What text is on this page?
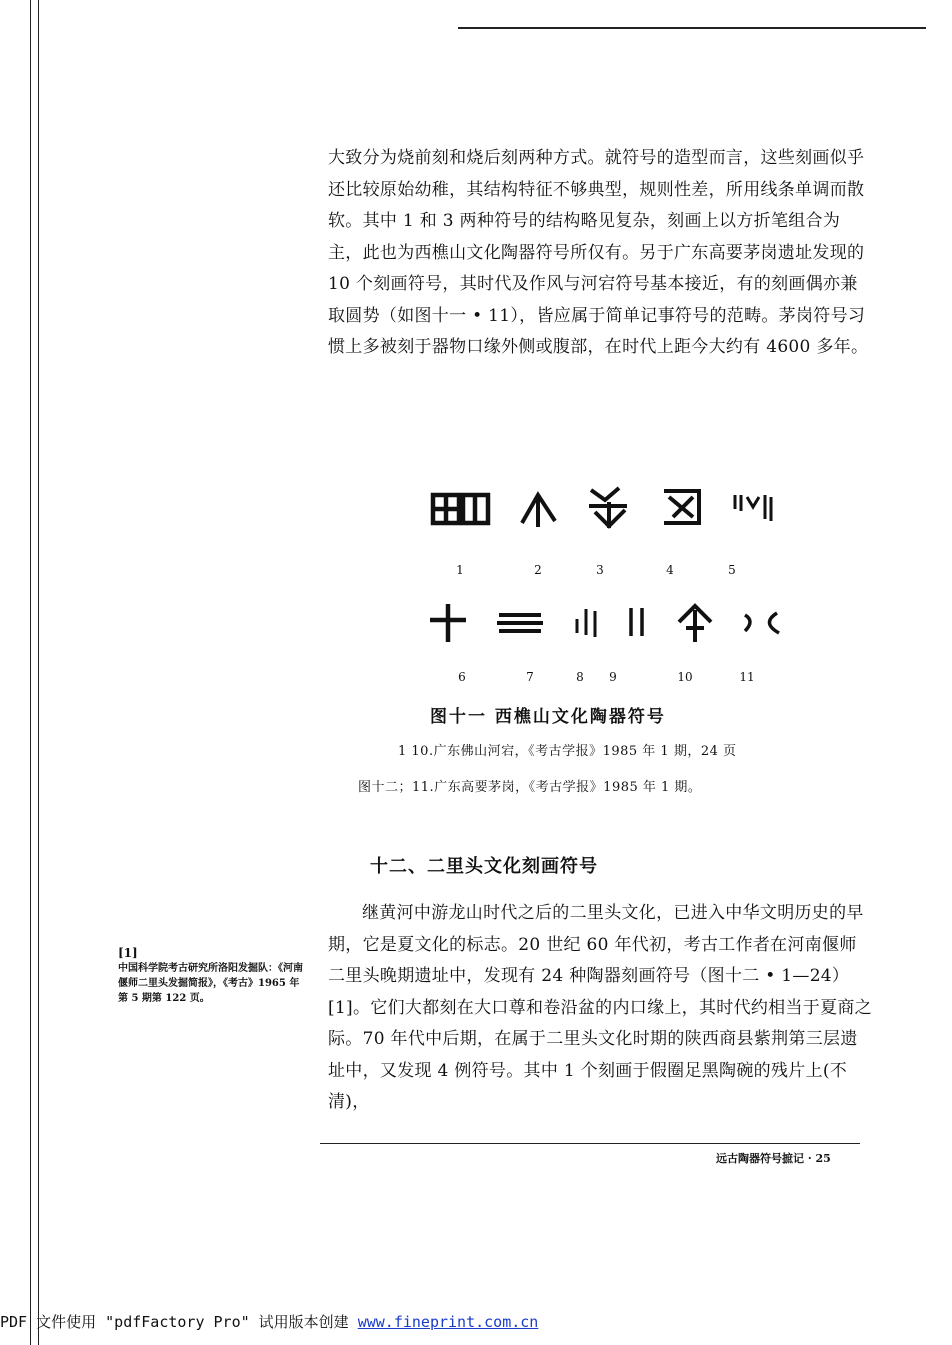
大致分为烧前刻和烧后刻两种方式。就符号的造型而言，这些刻画似乎还比较原始幼稚，其结构特征不够典型，规则性差，所用线条单调而散软。其中 1 和 3 两种符号的结构略见复杂，刻画上以方折笔组合为主，此也为西樵山文化陶器符号所仅有。另于广东高要茅岗遗址发现的 10 个刻画符号，其时代及作风与河宕符号基本接近，有的刻画偶亦兼取圆势（如图十一 • 11），皆应属于简单记事符号的范畴。茅岗符号习惯上多被刻于器物口缘外侧或腹部，在时代上距今大约有 4600 多年。

1	2	3	4	5
6	7	8 9	10	11
图十一 西樵山文化陶器符号
1 10.广东佛山河宕，《考古学报》1985 年 1 期，24 页
图十二；11.广东高要茅岗，《考古学报》1985 年 1 期。
十二、二里头文化刻画符号

继黄河中游龙山时代之后的二里头文化，已进入中华文明历史的早期，它是夏文化的标志。20 世纪 60 年代初，考古工作者在河南偃师二里头晚期遗址中，发现有 24 种陶器刻画符号（图十二 • 1—24）[1]。它们大都刻在大口尊和卷沿盆的内口缘上，其时代约相当于夏商之际。70 年代中后期，在属于二里头文化时期的陕西商县紫荆第三层遗址中，又发现 4 例符号。其中 1 个刻画于假圈足黑陶碗的残片上(不清)，

[1]
中国科学院考古研究所洛阳发掘队：《河南偃师二里头发掘简报》，《考古》1965 年第 5 期第 122 页。
远古陶器符号摭记 · 25
PDF 文件使用 "pdfFactory Pro" 试用版本创建 www.fineprint.com.cn
